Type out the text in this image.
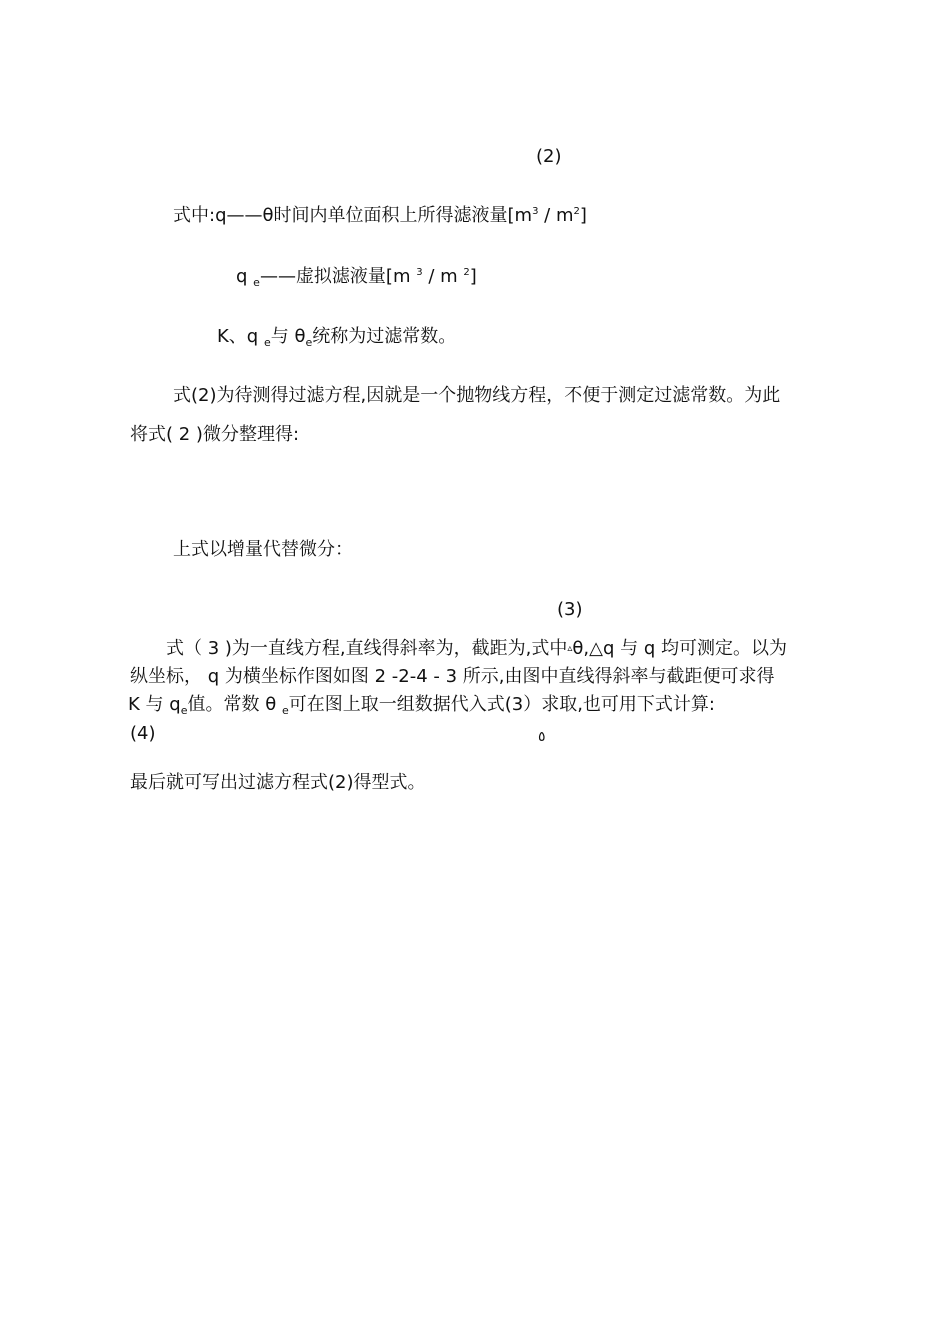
(2)
式中:q——θ时间内单位面积上所得滤液量$[m^3 / m^2]$
q $_e$——虚拟滤液量[m $^3$ / m $^2$]
K、q $_e$与 $\theta_e$统称为过滤常数。
式(2)为待测得过滤方程,因就是一个抛物线方程，不便于测定过滤常数。为此
将式( 2 )微分整理得:
上式以增量代替微分：
(3)
式（ 3 )为一直线方程,直线得斜率为，截距为,式中▵θ,△q 与 q 均可测定。以为
纵坐标， q 为横坐标作图如图 2 -2-4 - 3 所示,由图中直线得斜率与截距便可求得
K 与 $q_e$值。常数 θ $_e$可在图上取一组数据代入式(3）求取,也可用下式计算:
(4)	٥
最后就可写出过滤方程式(2)得型式。
